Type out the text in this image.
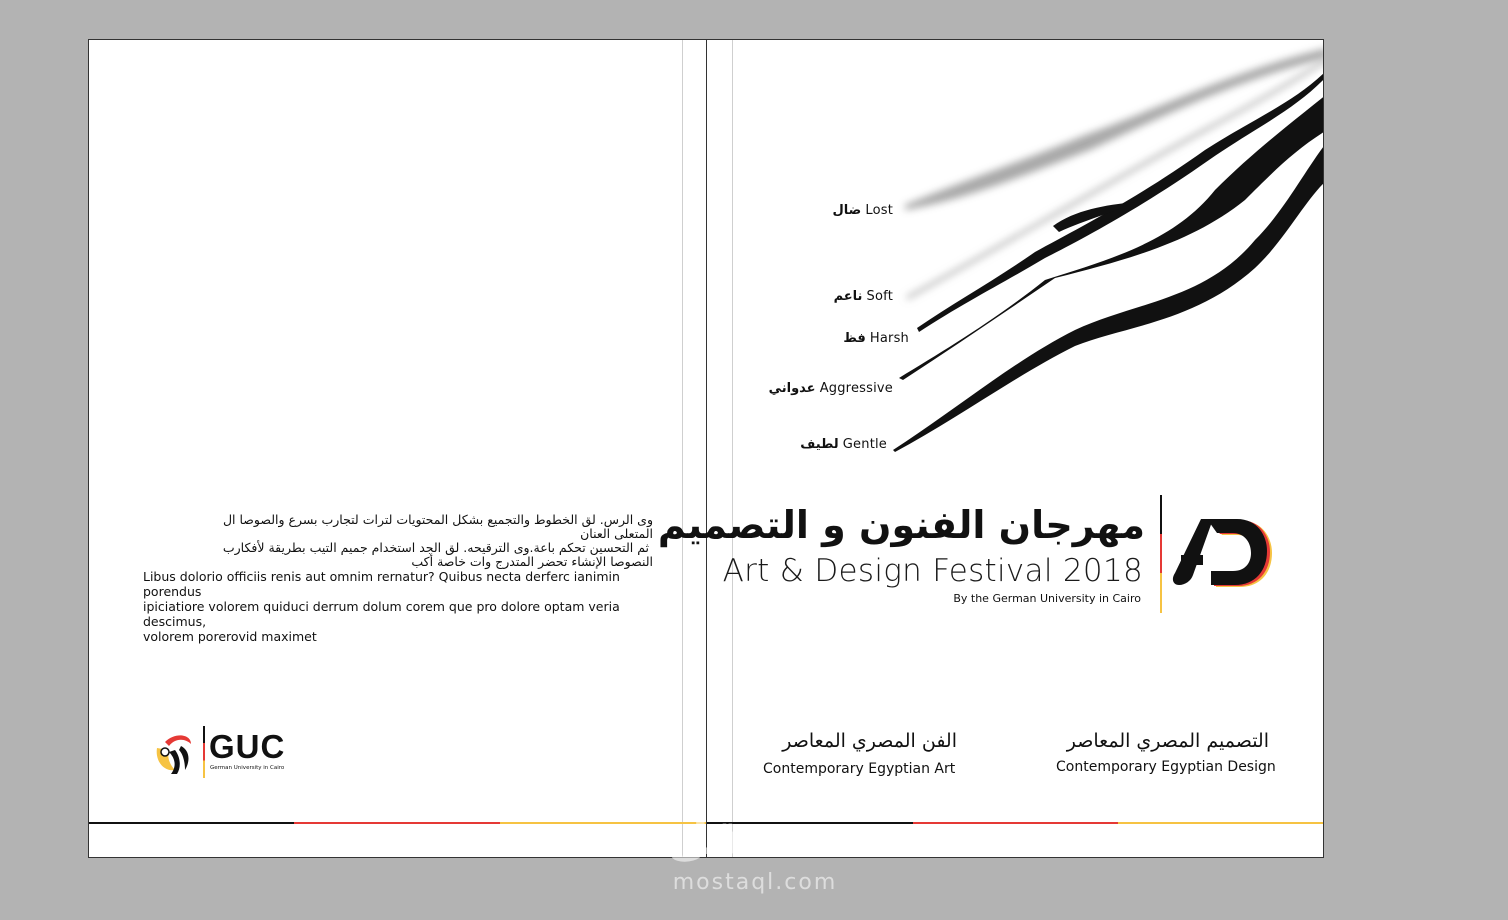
وى الرس. لق الخطوط والتجميع بشكل المحتويات لترات لتجارب بسرع والصوصا ال المتعلى العنان
ثم التحسين تحكم باعة.وى الترقيحه. لق الجد استخدام جميم التيب بطريقة لأفكارب
النصوصا الإنشاء تحضر المتدرج وات خاصة أكب
Libus dolorio officiis renis aut omnim rernatur? Quibus necta derferc ianimin porendus
ipiciatiore volorem quiduci derrum dolum corem que pro dolore optam veria descimus,
volorem porerovid maximet
GUC
German University in Cairo
ضال Lost
ناعم Soft
فظ Harsh
عدواني Aggressive
لطيف Gentle
مهرجان الفنون و التصميم
Art & Design Festival 2018
By the German University in Cairo
الفن المصري المعاصر
Contemporary Egyptian Art
التصميم المصري المعاصر
Contemporary Egyptian Design
مستقل
mostaql.com
